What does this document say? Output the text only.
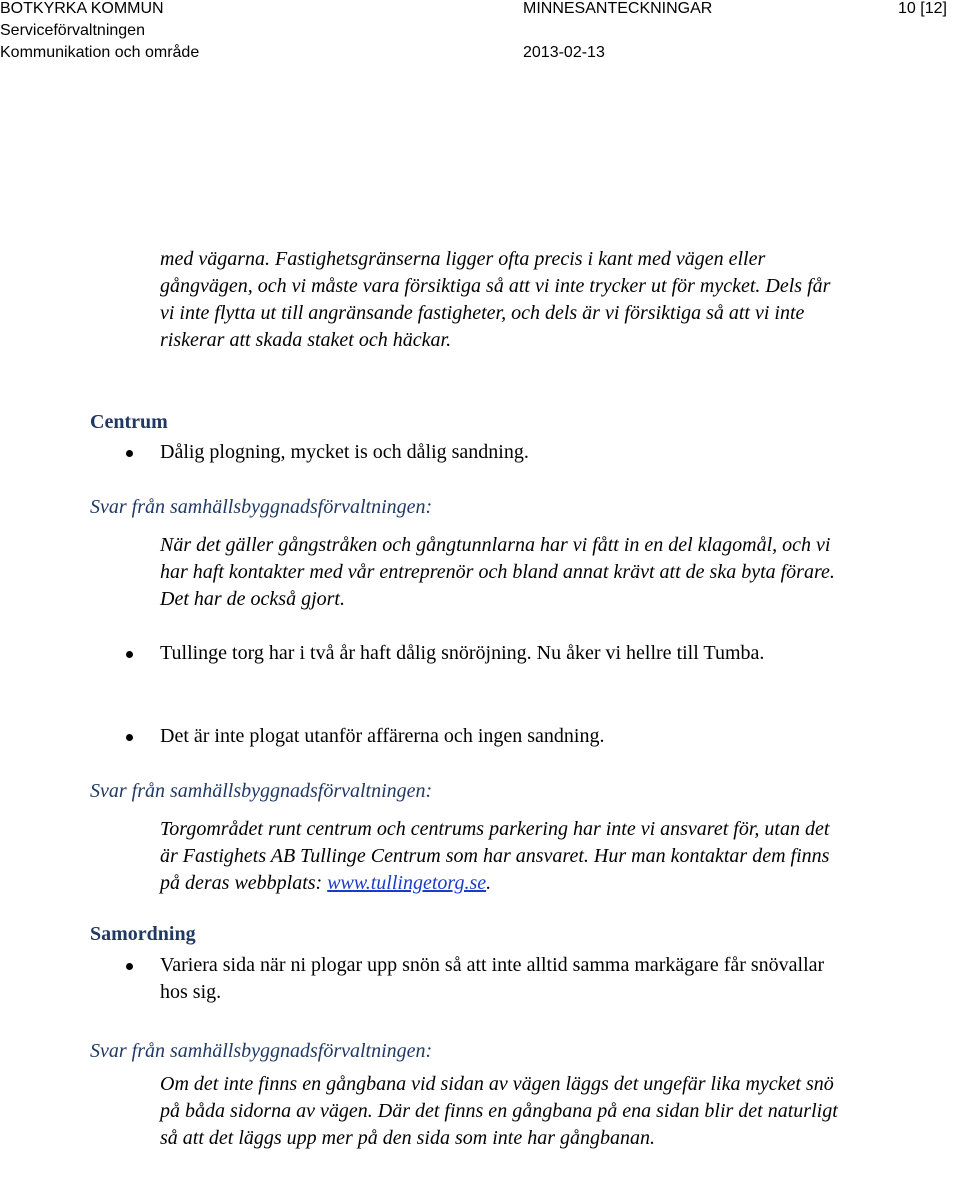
BOTKYRKA KOMMUN
Serviceförvaltningen
Kommunikation och område
MINNESANTECKNINGAR
2013-02-13
10 [12]
med vägarna. Fastighetsgränserna ligger ofta precis i kant med vägen eller gångvägen, och vi måste vara försiktiga så att vi inte trycker ut för mycket. Dels får vi inte flytta ut till angränsande fastigheter, och dels är vi försiktiga så att vi inte riskerar att skada staket och häckar.
Centrum
Dålig plogning, mycket is och dålig sandning.
Svar från samhällsbyggnadsförvaltningen:
När det gäller gångstråken och gångtunnlarna har vi fått in en del klagomål, och vi har haft kontakter med vår entreprenör och bland annat krävt att de ska byta förare. Det har de också gjort.
Tullinge torg har i två år haft dålig snöröjning. Nu åker vi hellre till Tumba.
Det är inte plogat utanför affärerna och ingen sandning.
Svar från samhällsbyggnadsförvaltningen:
Torgområdet runt centrum och centrums parkering har inte vi ansvaret för, utan det är Fastighets AB Tullinge Centrum som har ansvaret. Hur man kontaktar dem finns på deras webbplats: www.tullingetorg.se.
Samordning
Variera sida när ni plogar upp snön så att inte alltid samma markägare får snövallar hos sig.
Svar från samhällsbyggnadsförvaltningen:
Om det inte finns en gångbana vid sidan av vägen läggs det ungefär lika mycket snö på båda sidorna av vägen. Där det finns en gångbana på ena sidan blir det naturligt så att det läggs upp mer på den sida som inte har gångbanan.
